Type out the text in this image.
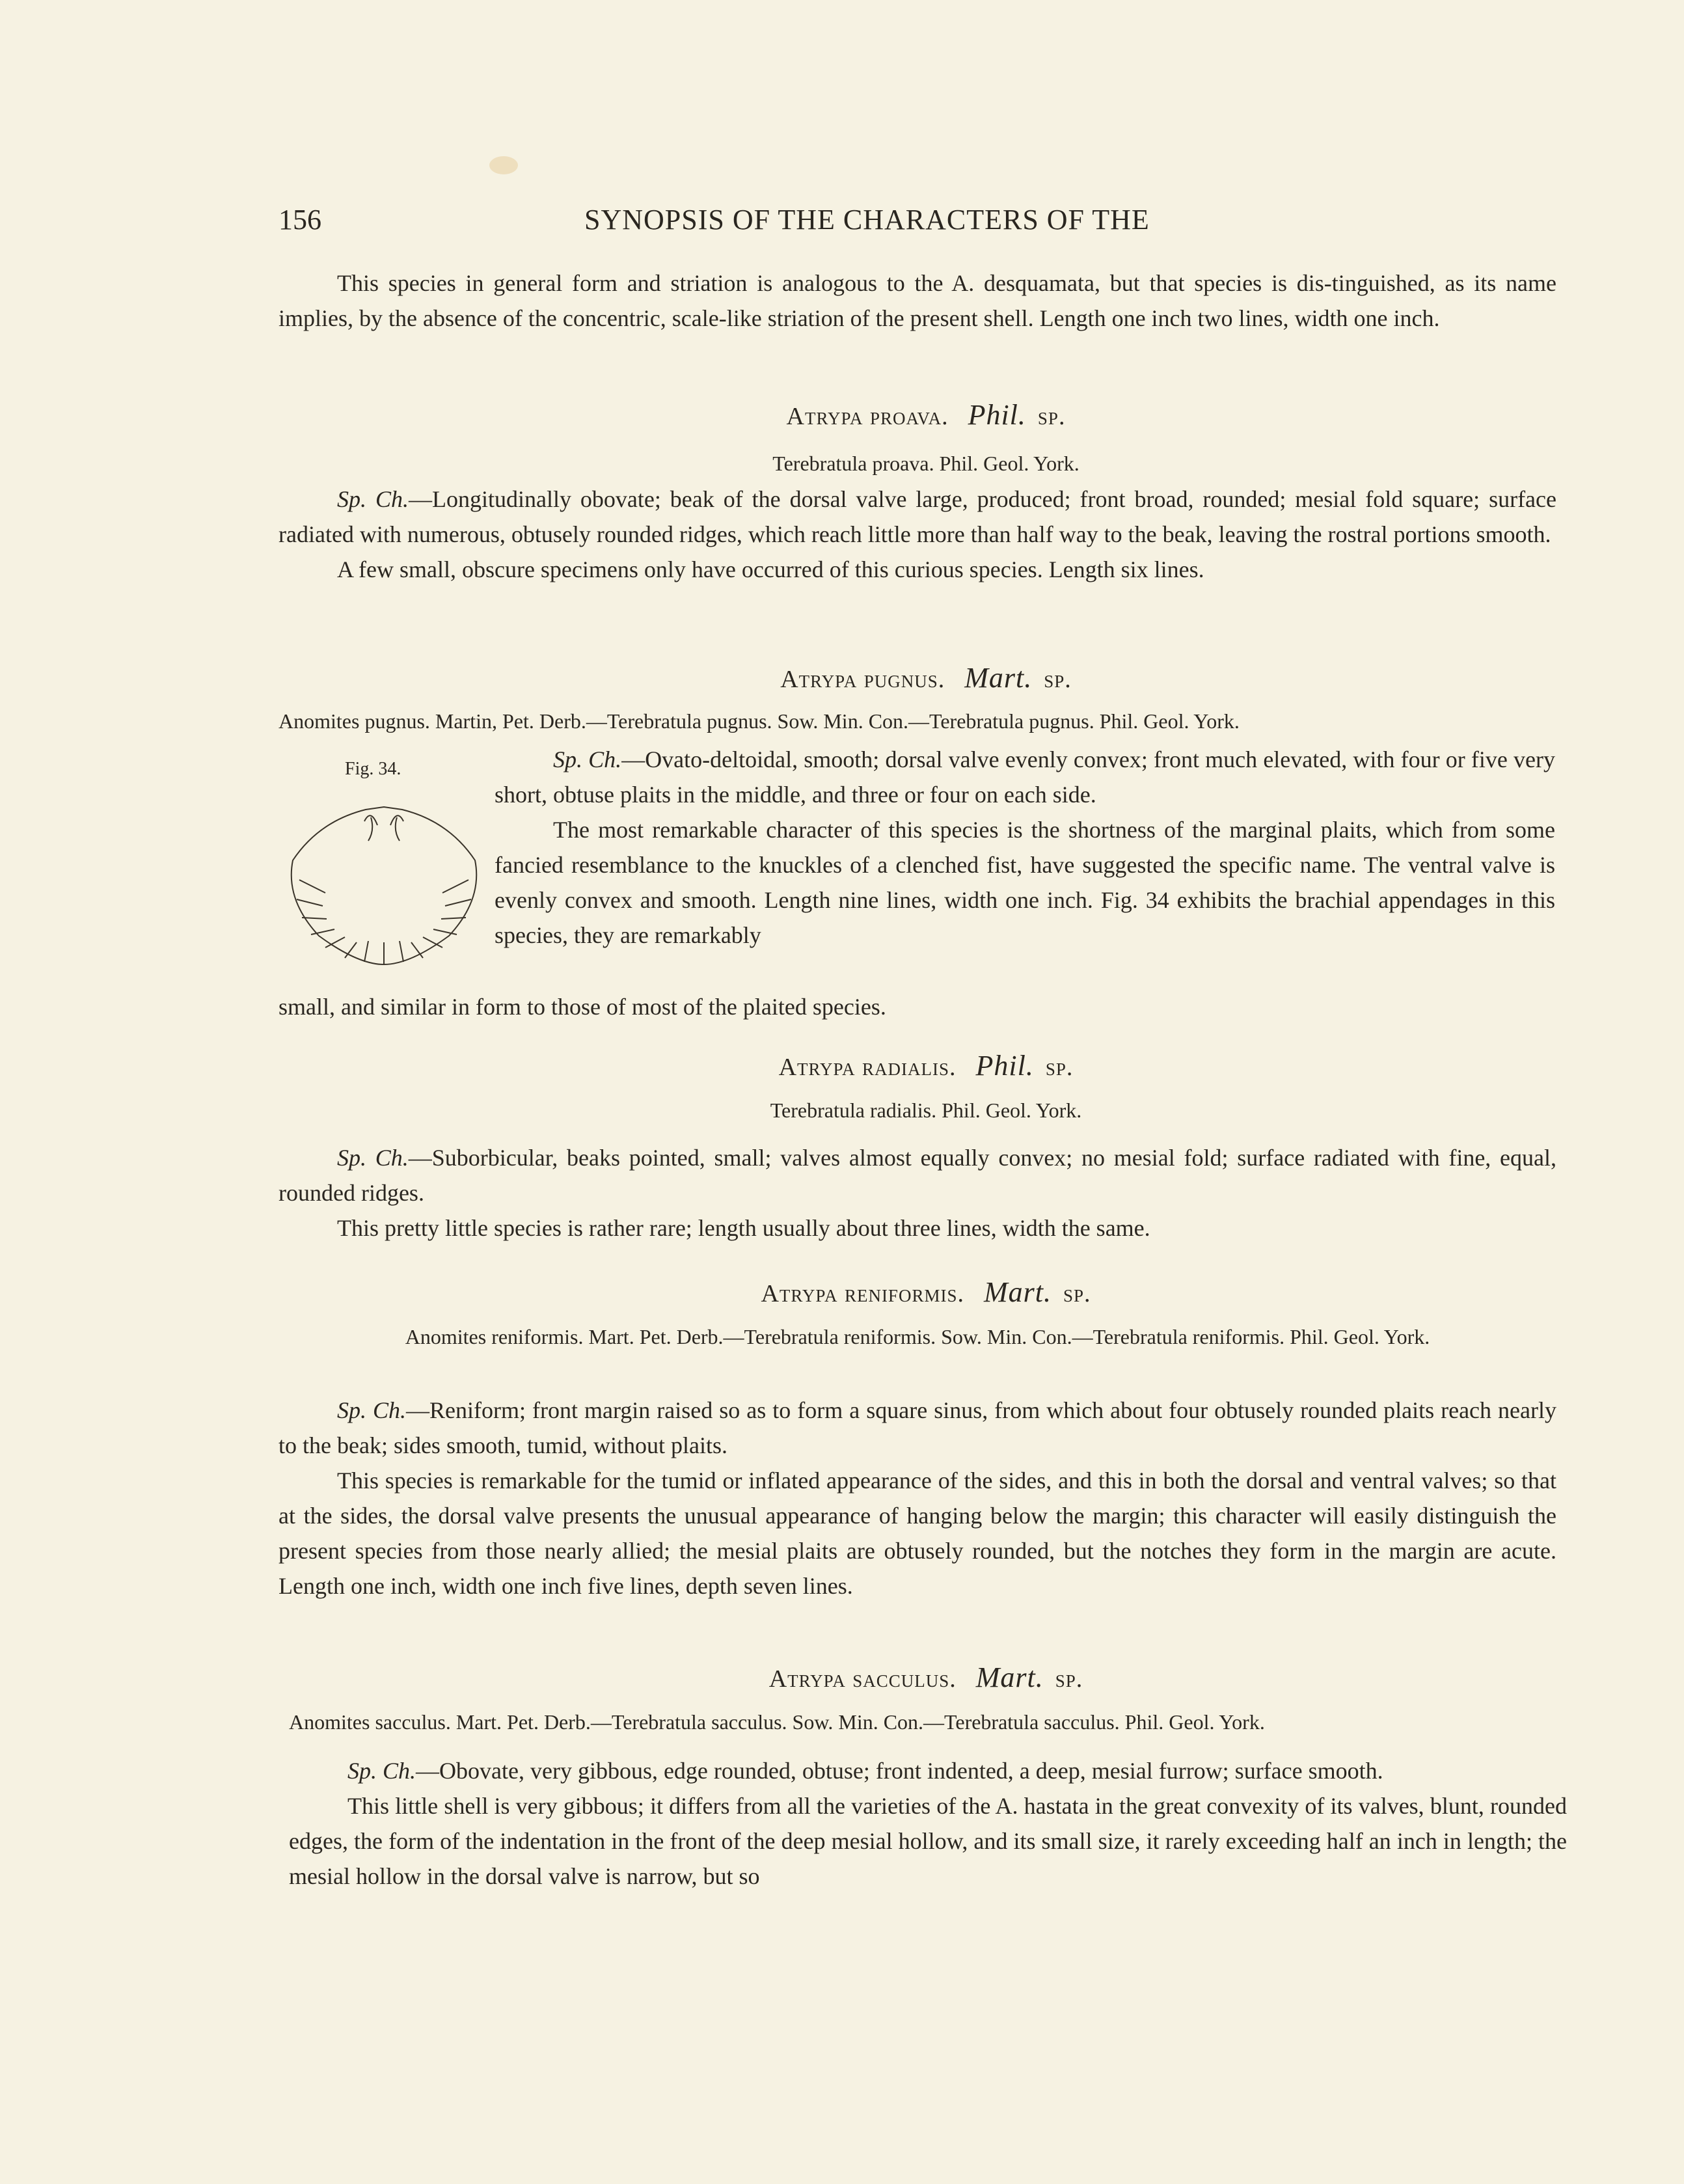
156	SYNOPSIS OF THE CHARACTERS OF THE

This species in general form and striation is analogous to the A. desquamata, but that species is dis-tinguished, as its name implies, by the absence of the concentric, scale-like striation of the present shell. Length one inch two lines, width one inch.

Atrypa proava. Phil. sp.
Terebratula proava. Phil. Geol. York.

Sp. Ch.—Longitudinally obovate; beak of the dorsal valve large, produced; front broad, rounded; mesial fold square; surface radiated with numerous, obtusely rounded ridges, which reach little more than half way to the beak, leaving the rostral portions smooth.

A few small, obscure specimens only have occurred of this curious species. Length six lines.

Atrypa pugnus. Mart. sp.
Anomites pugnus. Martin, Pet. Derb.—Terebratula pugnus. Sow. Min. Con.—Terebratula pugnus. Phil. Geol. York.
Fig. 34.	Sp. Ch.—Ovato-deltoidal, smooth; dorsal valve evenly convex; front much elevated, with four or five very short, obtuse plaits in the middle, and three or four on each side.

The most remarkable character of this species is the shortness of the marginal plaits, which from some fancied resemblance to the knuckles of a clenched fist, have suggested the specific name. The ventral valve is evenly convex and smooth. Length nine lines, width one inch. Fig. 34 exhibits the brachial appendages in this species, they are remarkably

small, and similar in form to those of most of the plaited species.

Atrypa radialis. Phil. sp.
Terebratula radialis. Phil. Geol. York.

Sp. Ch.—Suborbicular, beaks pointed, small; valves almost equally convex; no mesial fold; surface radiated with fine, equal, rounded ridges.

This pretty little species is rather rare; length usually about three lines, width the same.

Atrypa reniformis. Mart. sp.
Anomites reniformis. Mart. Pet. Derb.—Terebratula reniformis. Sow. Min. Con.—Terebratula reniformis. Phil. Geol. York.

Sp. Ch.—Reniform; front margin raised so as to form a square sinus, from which about four obtusely rounded plaits reach nearly to the beak; sides smooth, tumid, without plaits.

This species is remarkable for the tumid or inflated appearance of the sides, and this in both the dorsal and ventral valves; so that at the sides, the dorsal valve presents the unusual appearance of hanging below the margin; this character will easily distinguish the present species from those nearly allied; the mesial plaits are obtusely rounded, but the notches they form in the margin are acute. Length one inch, width one inch five lines, depth seven lines.

Atrypa sacculus. Mart. sp.
Anomites sacculus. Mart. Pet. Derb.—Terebratula sacculus. Sow. Min. Con.—Terebratula sacculus. Phil. Geol. York.

Sp. Ch.—Obovate, very gibbous, edge rounded, obtuse; front indented, a deep, mesial furrow; surface smooth.

This little shell is very gibbous; it differs from all the varieties of the A. hastata in the great convexity of its valves, blunt, rounded edges, the form of the indentation in the front of the deep mesial hollow, and its small size, it rarely exceeding half an inch in length; the mesial hollow in the dorsal valve is narrow, but so
